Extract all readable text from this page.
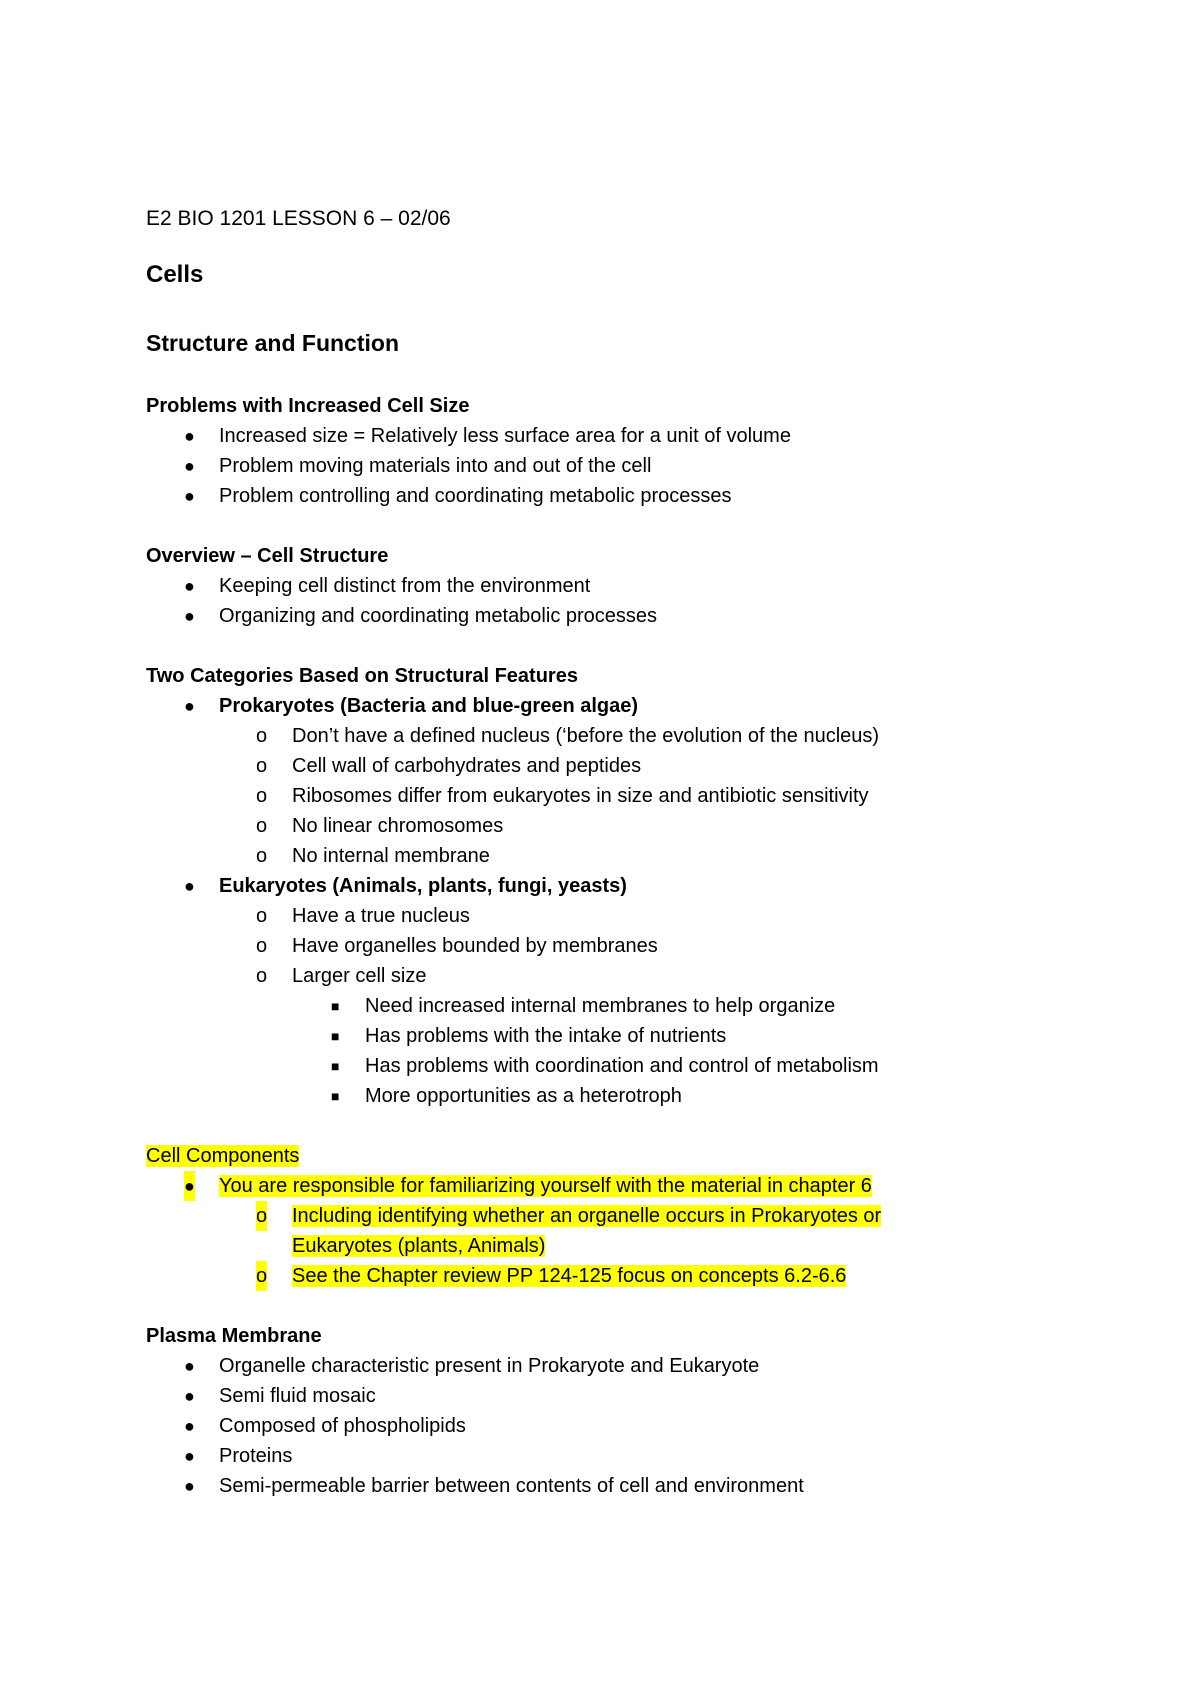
E2 BIO 1201 LESSON 6 – 02/06
Cells
Structure and Function
Problems with Increased Cell Size
● Increased size = Relatively less surface area for a unit of volume
● Problem moving materials into and out of the cell
● Problem controlling and coordinating metabolic processes
Overview – Cell Structure
● Keeping cell distinct from the environment
● Organizing and coordinating metabolic processes
Two Categories Based on Structural Features
● Prokaryotes (Bacteria and blue-green algae)
o Don’t have a defined nucleus (‘before the evolution of the nucleus)
o Cell wall of carbohydrates and peptides
o Ribosomes differ from eukaryotes in size and antibiotic sensitivity
o No linear chromosomes
o No internal membrane
● Eukaryotes (Animals, plants, fungi, yeasts)
o Have a true nucleus
o Have organelles bounded by membranes
o Larger cell size
■ Need increased internal membranes to help organize
■ Has problems with the intake of nutrients
■ Has problems with coordination and control of metabolism
■ More opportunities as a heterotroph
Cell Components
● You are responsible for familiarizing yourself with the material in chapter 6
o Including identifying whether an organelle occurs in Prokaryotes or
Eukaryotes (plants, Animals)
o See the Chapter review PP 124-125 focus on concepts 6.2-6.6
Plasma Membrane
● Organelle characteristic present in Prokaryote and Eukaryote
● Semi fluid mosaic
● Composed of phospholipids
● Proteins
● Semi-permeable barrier between contents of cell and environment
